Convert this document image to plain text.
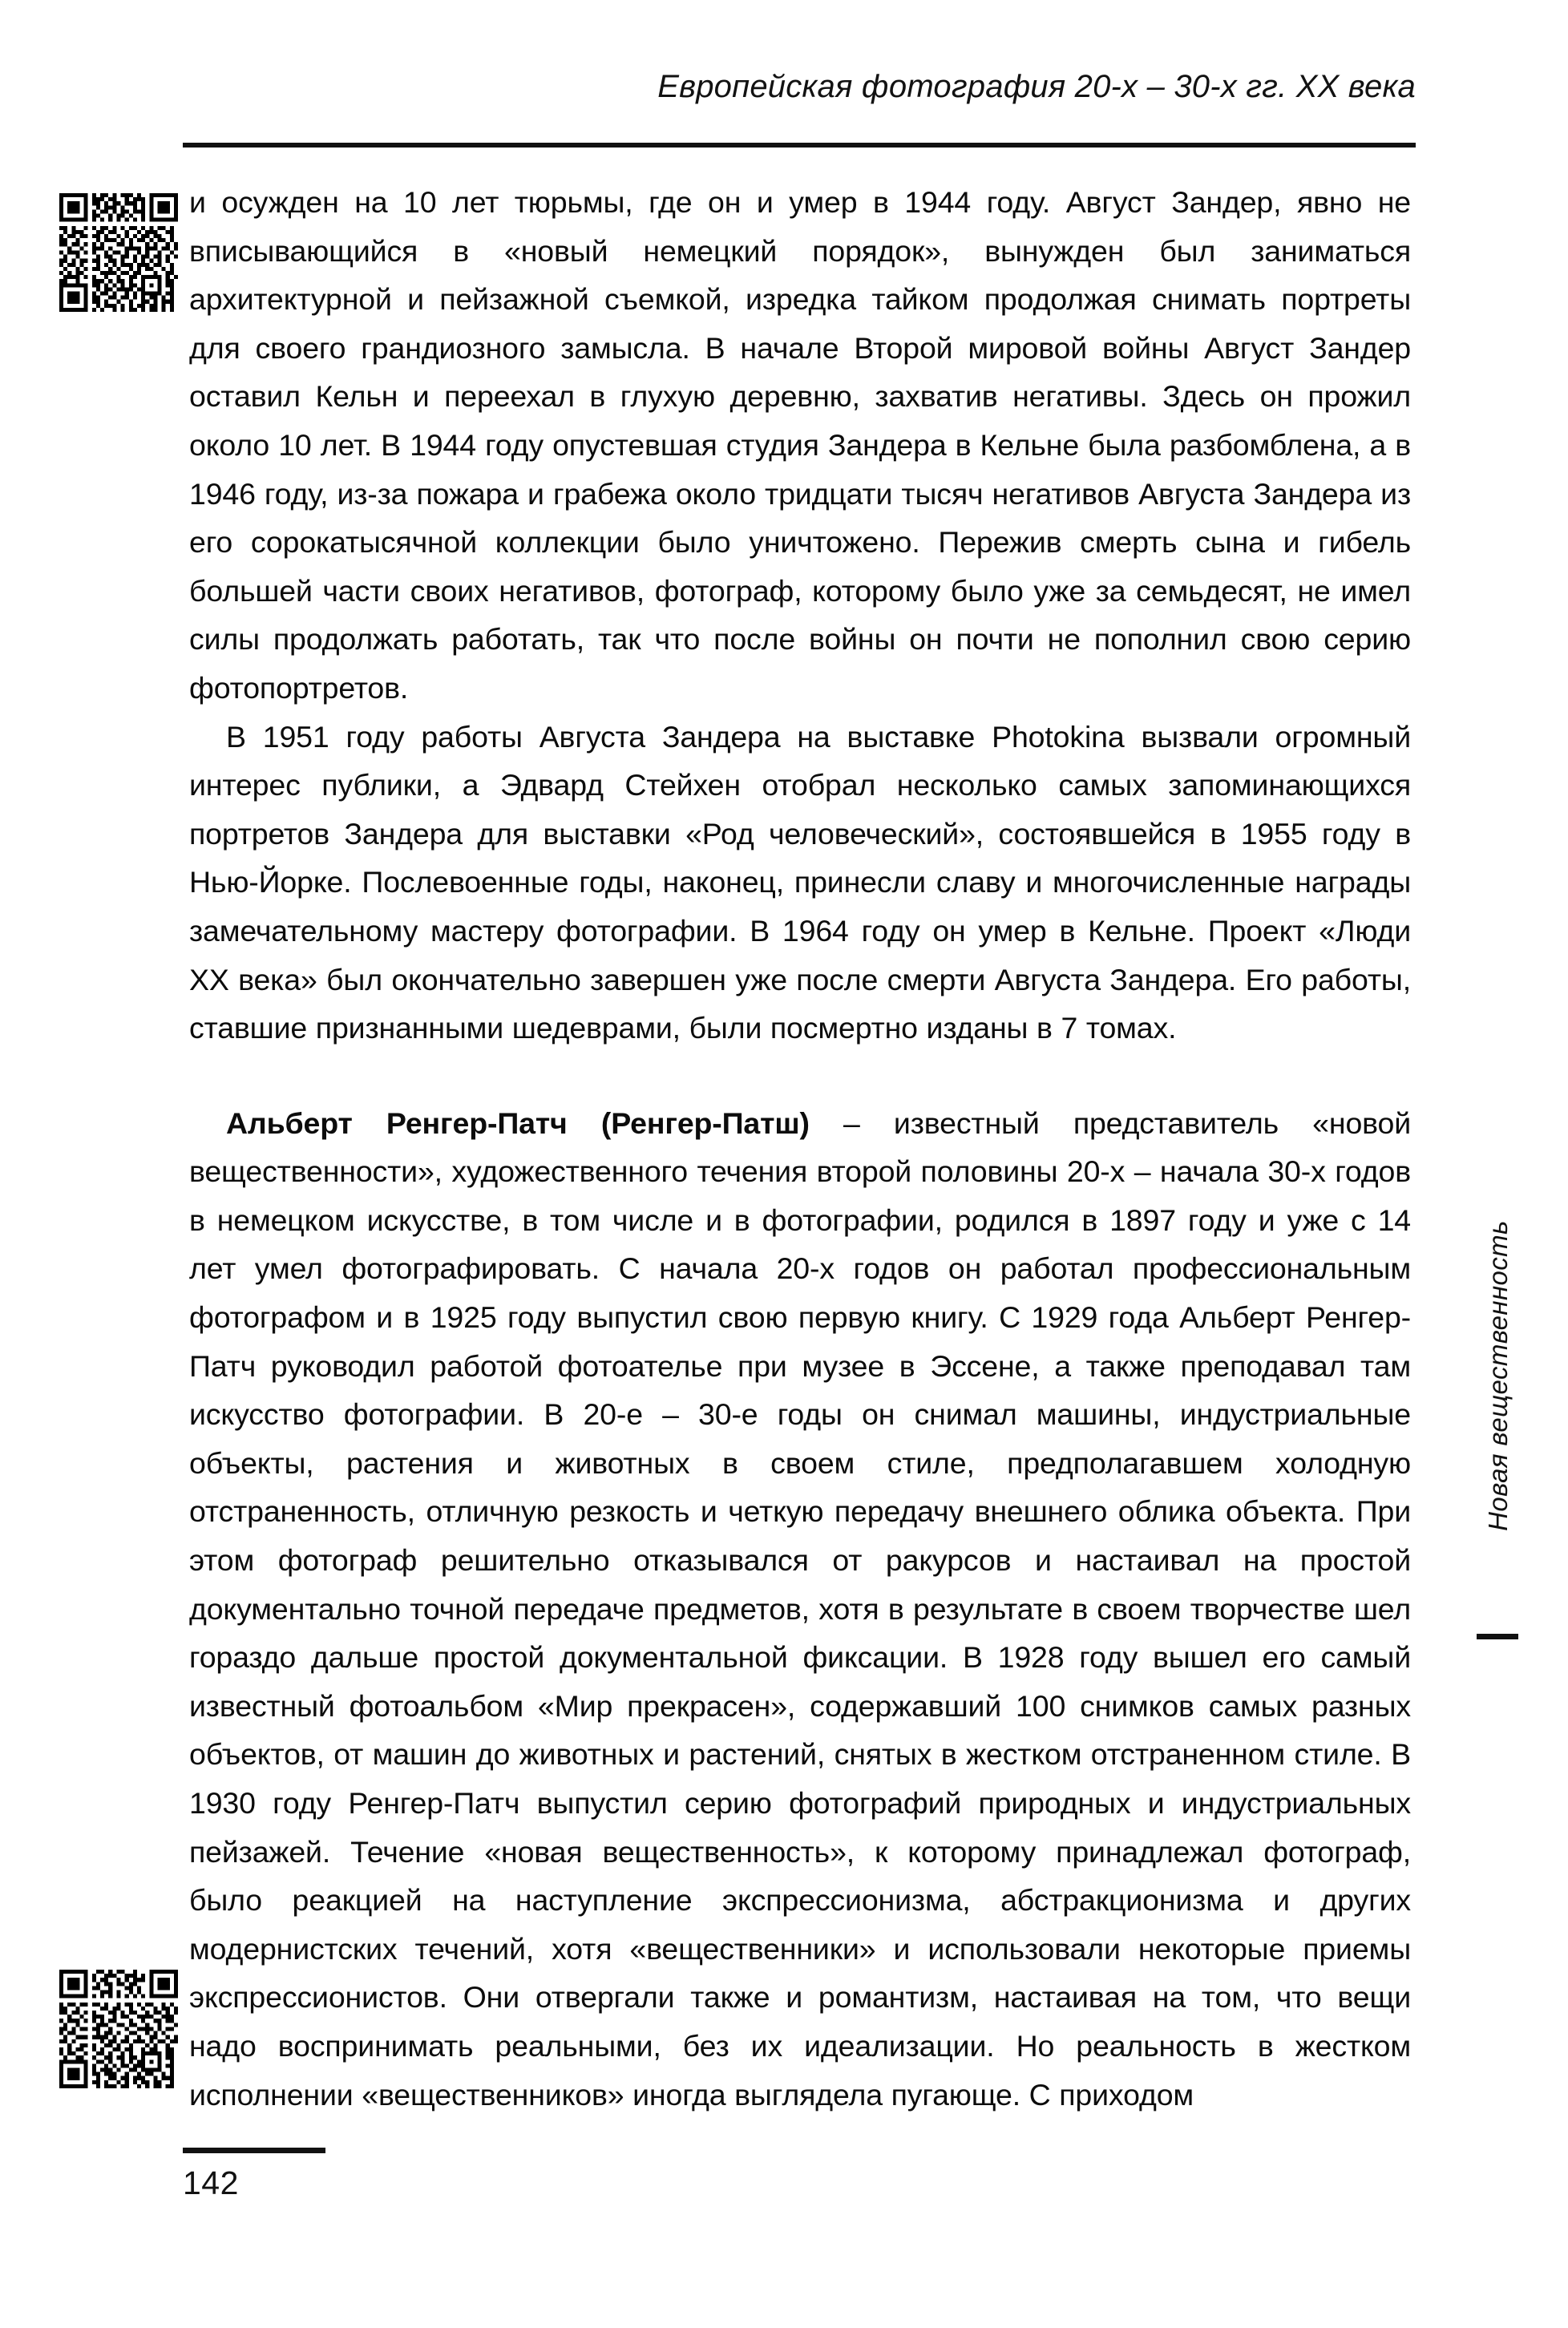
Европейская фотография 20-х – 30-х гг. XX века

и осужден на 10 лет тюрьмы, где он и умер в 1944 году. Август Зандер, явно не вписывающийся в «новый немецкий порядок», вынужден был заниматься архитектурной и пейзажной съемкой, изредка тайком продолжая снимать портреты для своего грандиозного замысла. В начале Второй мировой войны Август Зандер оставил Кельн и переехал в глухую деревню, захватив негативы. Здесь он прожил около 10 лет. В 1944 году опустевшая студия Зандера в Кельне была разбомблена, а в 1946 году, из-за пожара и грабежа около тридцати тысяч негативов Августа Зандера из его сорокатысячной коллекции было уничтожено. Пережив смерть сына и гибель большей части своих негативов, фотограф, которому было уже за семьдесят, не имел силы продолжать работать, так что после войны он почти не пополнил свою серию фотопортретов.

В 1951 году работы Августа Зандера на выставке Photokina вызвали огромный интерес публики, а Эдвард Стейхен отобрал несколько самых запоминающихся портретов Зандера для выставки «Род человеческий», состоявшейся в 1955 году в Нью-Йорке. Послевоенные годы, наконец, принесли славу и многочисленные награды замечательному мастеру фотографии. В 1964 году он умер в Кельне. Проект «Люди XX века» был окончательно завершен уже после смерти Августа Зандера. Его работы, ставшие признанными шедеврами, были посмертно изданы в 7 томах.

Альберт Ренгер-Патч (Ренгер-Патш) – известный представитель «новой вещественности», художественного течения второй половины 20-х – начала 30-х годов в немецком искусстве, в том числе и в фотографии, родился в 1897 году и уже с 14 лет умел фотографировать. С начала 20-х годов он работал профессиональным фотографом и в 1925 году выпустил свою первую книгу. С 1929 года Альберт Ренгер-Патч руководил работой фотоателье при музее в Эссене, а также преподавал там искусство фотографии. В 20-е – 30-е годы он снимал машины, индустриальные объекты, растения и животных в своем стиле, предполагавшем холодную отстраненность, отличную резкость и четкую передачу внешнего облика объекта. При этом фотограф решительно отказывался от ракурсов и настаивал на простой документально точной передаче предметов, хотя в результате в своем творчестве шел гораздо дальше простой документальной фиксации. В 1928 году вышел его самый известный фотоальбом «Мир прекрасен», содержавший 100 снимков самых разных объектов, от машин до животных и растений, снятых в жестком отстраненном стиле. В 1930 году Ренгер-Патч выпустил серию фотографий природных и индустриальных пейзажей. Течение «новая вещественность», к которому принадлежал фотограф, было реакцией на наступление экспрессионизма, абстракционизма и других модернистских течений, хотя «вещественники» и использовали некоторые приемы экспрессионистов. Они отвергали также и романтизм, настаивая на том, что вещи надо воспринимать реальными, без их идеализации. Но реальность в жестком исполнении «вещественников» иногда выглядела пугающе. С приходом

Новая вещественность
142
